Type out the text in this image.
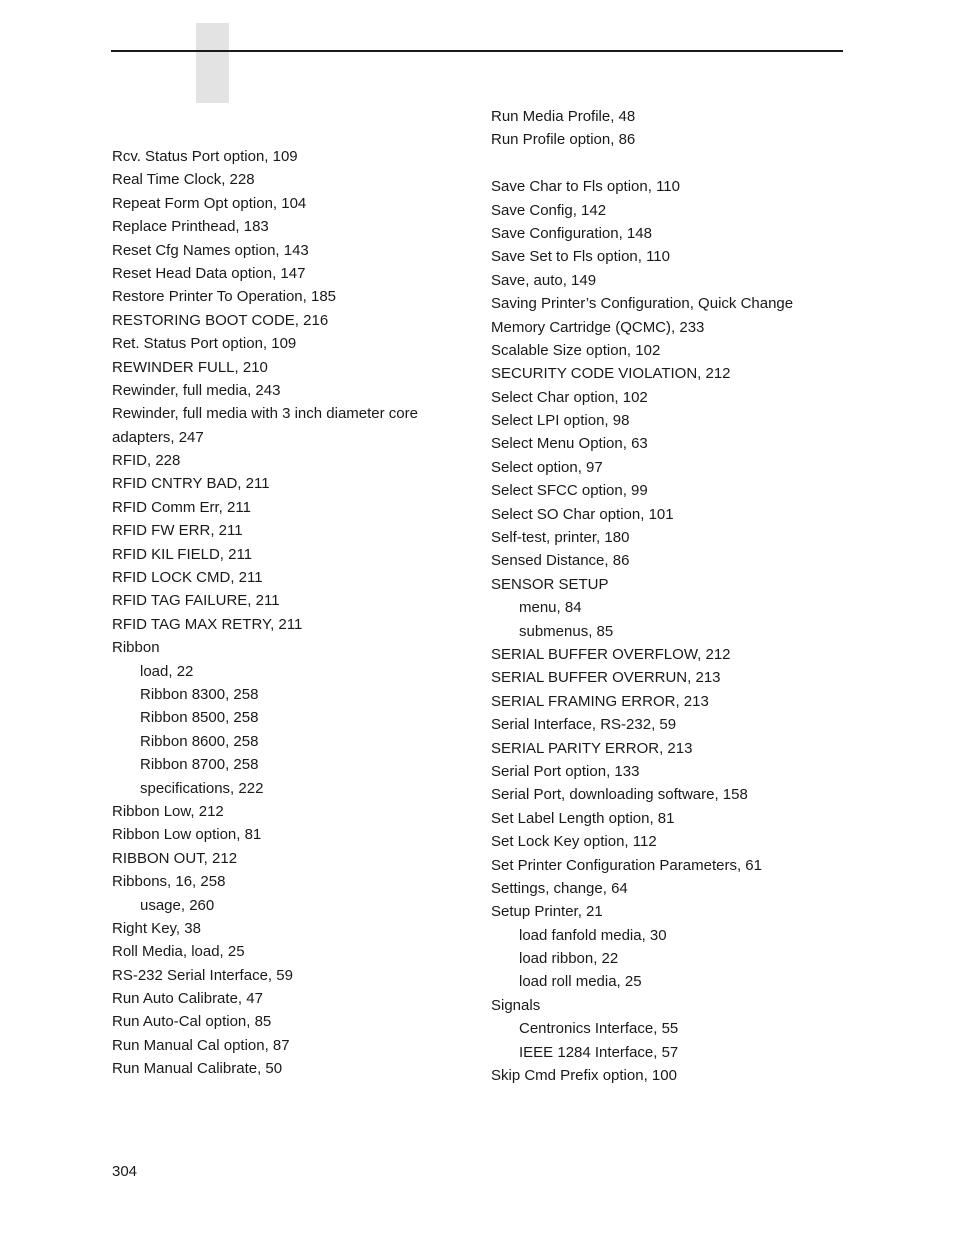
Rcv. Status Port option, 109
Real Time Clock, 228
Repeat Form Opt option, 104
Replace Printhead, 183
Reset Cfg Names option, 143
Reset Head Data option, 147
Restore Printer To Operation, 185
RESTORING BOOT CODE, 216
Ret. Status Port option, 109
REWINDER FULL, 210
Rewinder, full media, 243
Rewinder, full media with 3 inch diameter core
adapters, 247
RFID, 228
RFID CNTRY BAD, 211
RFID Comm Err, 211
RFID FW ERR, 211
RFID KIL FIELD, 211
RFID LOCK CMD, 211
RFID TAG FAILURE, 211
RFID TAG MAX RETRY, 211
Ribbon
load, 22
Ribbon 8300, 258
Ribbon 8500, 258
Ribbon 8600, 258
Ribbon 8700, 258
specifications, 222
Ribbon Low, 212
Ribbon Low option, 81
RIBBON OUT, 212
Ribbons, 16, 258
usage, 260
Right Key, 38
Roll Media, load, 25
RS-232 Serial Interface, 59
Run Auto Calibrate, 47
Run Auto-Cal option, 85
Run Manual Cal option, 87
Run Manual Calibrate, 50
Run Media Profile, 48
Run Profile option, 86
Save Char to Fls option, 110
Save Config, 142
Save Configuration, 148
Save Set to Fls option, 110
Save, auto, 149
Saving Printer’s Configuration, Quick Change
Memory Cartridge (QCMC), 233
Scalable Size option, 102
SECURITY CODE VIOLATION, 212
Select Char option, 102
Select LPI option, 98
Select Menu Option, 63
Select option, 97
Select SFCC option, 99
Select SO Char option, 101
Self-test, printer, 180
Sensed Distance, 86
SENSOR SETUP
menu, 84
submenus, 85
SERIAL BUFFER OVERFLOW, 212
SERIAL BUFFER OVERRUN, 213
SERIAL FRAMING ERROR, 213
Serial Interface, RS-232, 59
SERIAL PARITY ERROR, 213
Serial Port option, 133
Serial Port, downloading software, 158
Set Label Length option, 81
Set Lock Key option, 112
Set Printer Configuration Parameters, 61
Settings, change, 64
Setup Printer, 21
load fanfold media, 30
load ribbon, 22
load roll media, 25
Signals
Centronics Interface, 55
IEEE 1284 Interface, 57
Skip Cmd Prefix option, 100
304
